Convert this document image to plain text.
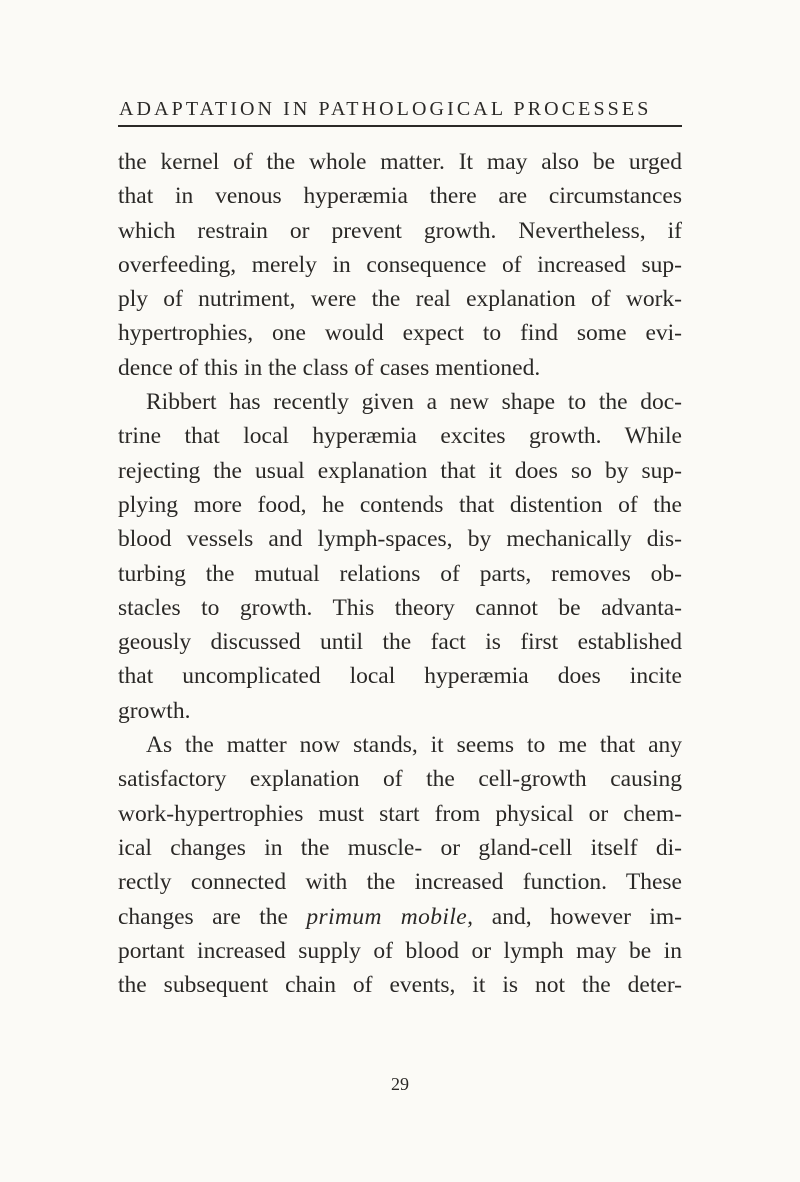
ADAPTATION IN PATHOLOGICAL PROCESSES
the kernel of the whole matter. It may also be urged
that in venous hyperæmia there are circumstances
which restrain or prevent growth. Nevertheless, if
overfeeding, merely in consequence of increased sup-
ply of nutriment, were the real explanation of work-
hypertrophies, one would expect to find some evi-
dence of this in the class of cases mentioned.
Ribbert has recently given a new shape to the doc-
trine that local hyperæmia excites growth. While
rejecting the usual explanation that it does so by sup-
plying more food, he contends that distention of the
blood vessels and lymph-spaces, by mechanically dis-
turbing the mutual relations of parts, removes ob-
stacles to growth. This theory cannot be advanta-
geously discussed until the fact is first established
that uncomplicated local hyperæmia does incite
growth.
As the matter now stands, it seems to me that any
satisfactory explanation of the cell-growth causing
work-hypertrophies must start from physical or chem-
ical changes in the muscle- or gland-cell itself di-
rectly connected with the increased function. These
changes are the primum mobile, and, however im-
portant increased supply of blood or lymph may be in
the subsequent chain of events, it is not the deter-
29
